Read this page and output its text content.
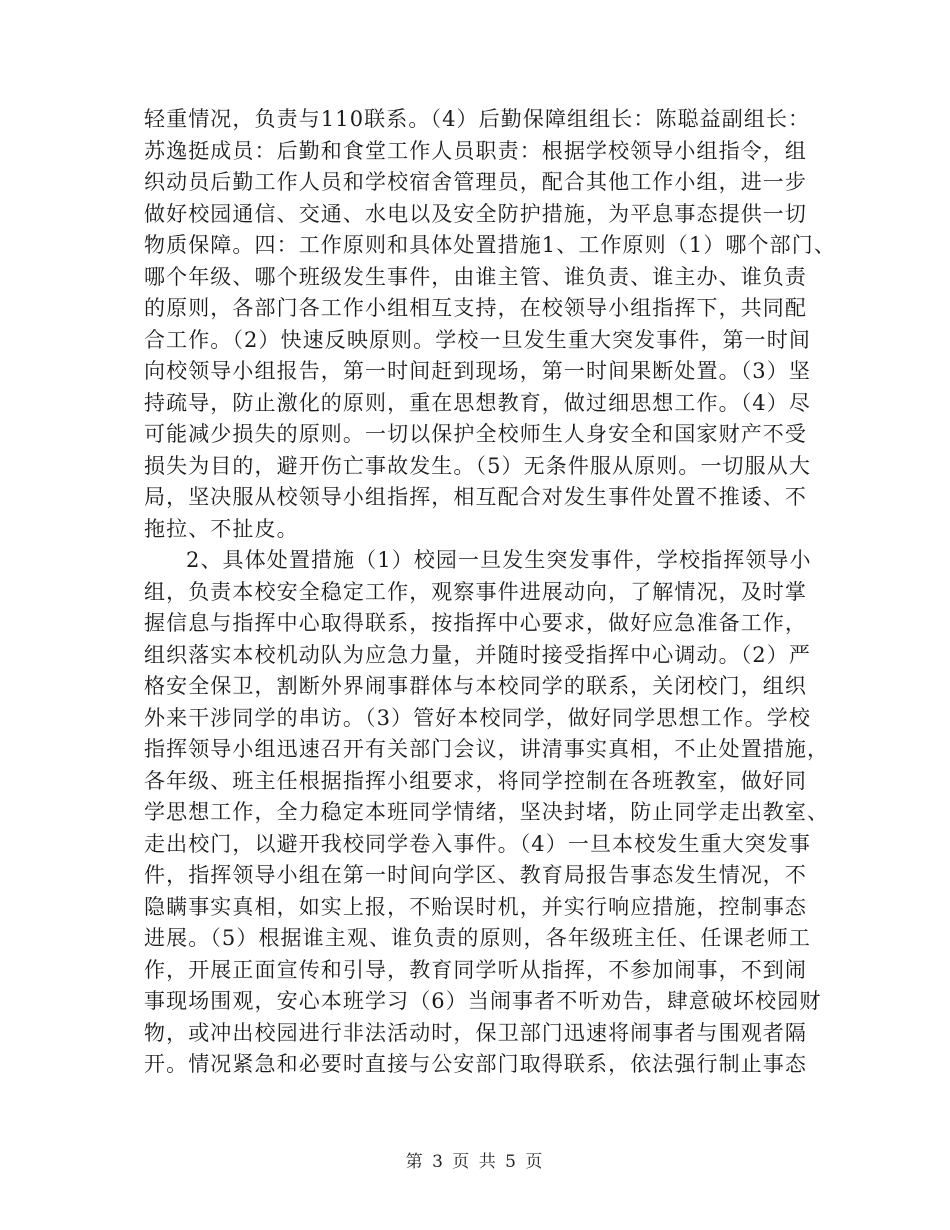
轻重情况，负责与110联系。（4）后勤保障组组长：陈聪益副组长：
苏逸挺成员：后勤和食堂工作人员职责：根据学校领导小组指令，组
织动员后勤工作人员和学校宿舍管理员，配合其他工作小组，进一步
做好校园通信、交通、水电以及安全防护措施，为平息事态提供一切
物质保障。四：工作原则和具体处置措施1、工作原则（1）哪个部门、
哪个年级、哪个班级发生事件，由谁主管、谁负责、谁主办、谁负责
的原则，各部门各工作小组相互支持，在校领导小组指挥下，共同配
合工作。（2）快速反映原则。学校一旦发生重大突发事件，第一时间
向校领导小组报告，第一时间赶到现场，第一时间果断处置。（3）坚
持疏导，防止激化的原则，重在思想教育，做过细思想工作。（4）尽
可能减少损失的原则。一切以保护全校师生人身安全和国家财产不受
损失为目的，避开伤亡事故发生。（5）无条件服从原则。一切服从大
局，坚决服从校领导小组指挥，相互配合对发生事件处置不推诿、不
拖拉、不扯皮。
2、具体处置措施（1）校园一旦发生突发事件，学校指挥领导小
组，负责本校安全稳定工作，观察事件进展动向，了解情况，及时掌
握信息与指挥中心取得联系，按指挥中心要求，做好应急准备工作，
组织落实本校机动队为应急力量，并随时接受指挥中心调动。（2）严
格安全保卫，割断外界闹事群体与本校同学的联系，关闭校门，组织
外来干涉同学的串访。（3）管好本校同学，做好同学思想工作。学校
指挥领导小组迅速召开有关部门会议，讲清事实真相，不止处置措施，
各年级、班主任根据指挥小组要求，将同学控制在各班教室，做好同
学思想工作，全力稳定本班同学情绪，坚决封堵，防止同学走出教室、
走出校门，以避开我校同学卷入事件。（4）一旦本校发生重大突发事
件，指挥领导小组在第一时间向学区、教育局报告事态发生情况，不
隐瞒事实真相，如实上报，不贻误时机，并实行响应措施，控制事态
进展。（5）根据谁主观、谁负责的原则，各年级班主任、任课老师工
作，开展正面宣传和引导，教育同学听从指挥，不参加闹事，不到闹
事现场围观，安心本班学习（6）当闹事者不听劝告，肆意破坏校园财
物，或冲出校园进行非法活动时，保卫部门迅速将闹事者与围观者隔
开。情况紧急和必要时直接与公安部门取得联系，依法强行制止事态
第 3 页 共 5 页
